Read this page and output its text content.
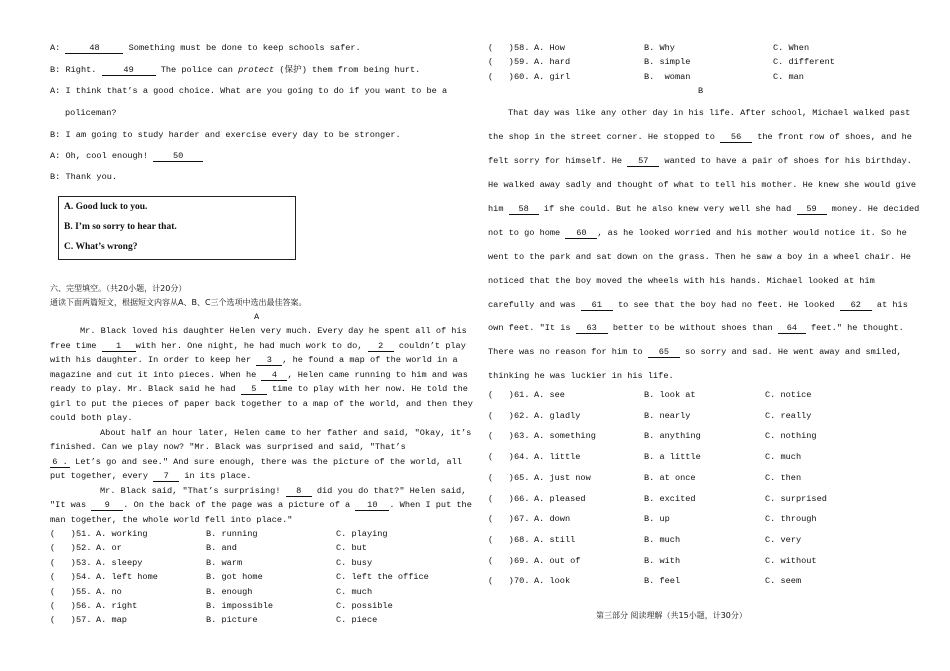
A:	48	Something must be done to keep schools safer.
B: Right.	49	The police can protect (保护) them from being hurt.
A: I think that’s a good choice. What are you going to do if you want to be a
policeman?
B: I am going to study harder and exercise every day to be stronger.
A: Oh, cool enough! 50
B: Thank you.
A. Good luck to you.
B. I’m so sorry to hear that.
C. What’s wrong?
六、完型填空。（共20小题，计20分）
通读下面两篇短文，根据短文内容从A、B、C三个选项中选出最佳答案。
A
Mr. Black loved his daughter Helen very much. Every day he spent all of his
free time 1 with her. One night, he had much work to do, 2 couldn’t play
with his daughter. In order to keep her 3 , he found a map of the world in a
magazine and cut it into pieces. When he 4 , Helen came running to him and was
ready to play. Mr. Black said he had 5 time to play with her now. He told the
girl to put the pieces of paper back together to a map of the world, and then they
could both play.
About half an hour later, Helen came to her father and said, "Okay, it’s
finished. Can we play now? "Mr. Black was surprised and said, "That’s
6 . Let’s go and see." And sure enough, there was the picture of the world, all
put together, every 7 in its place.
Mr. Black said, "That’s surprising! 8 did you do that?" Helen said,
"It was 9 . On the back of the page was a picture of a 10 . When I put the
man together, the whole world fell into place."
(   ) 51. A. working	B. running	C. playing
(   ) 52. A. or	B. and	C. but
(   ) 53. A. sleepy	B. warm	C. busy
(   ) 54. A. left home	B. got home	C. left the office
(   ) 55. A. no	B. enough	C. much
(   ) 56. A. right	B. impossible	C. possible
(   ) 57. A. map	B. picture	C. piece
(   ) 58. A. How	B. Why	C. When
(   ) 59. A. hard	B. simple	C. different
(   ) 60. A. girl	B.  woman	C. man
B
That day was like any other day in his life. After school, Michael walked past
the shop in the street corner. He stopped to 56 the front row of shoes, and he
felt sorry for himself. He 57 wanted to have a pair of shoes for his birthday.
He walked away sadly and thought of what to tell his mother. He knew she would give
him 58 if she could. But he also knew very well she had 59 money. He decided
not to go home 60 , as he looked worried and his mother would notice it. So he
went to the park and sat down on the grass. Then he saw a boy in a wheel chair. He
noticed that the boy moved the wheels with his hands. Michael looked at him
carefully and was 61 to see that the boy had no feet. He looked 62 at his
own feet. "It is 63 better to be without shoes than 64 feet." he thought.
There was no reason for him to 65 so sorry and sad. He went away and smiled,
thinking he was luckier in his life.
(   ) 61. A. see	B. look at	C. notice
(   ) 62. A. gladly	B. nearly	C. really
(   ) 63. A. something	B. anything	C. nothing
(   ) 64. A. little	B. a little	C. much
(   ) 65. A. just now	B. at once	C. then
(   ) 66. A. pleased	B. excited	C. surprised
(   ) 67. A. down	B. up	C. through
(   ) 68. A. still	B. much	C. very
(   ) 69. A. out of	B. with	C. without
(   ) 70. A. look	B. feel	C. seem
第三部分 阅读理解（共15小题，计30分）
